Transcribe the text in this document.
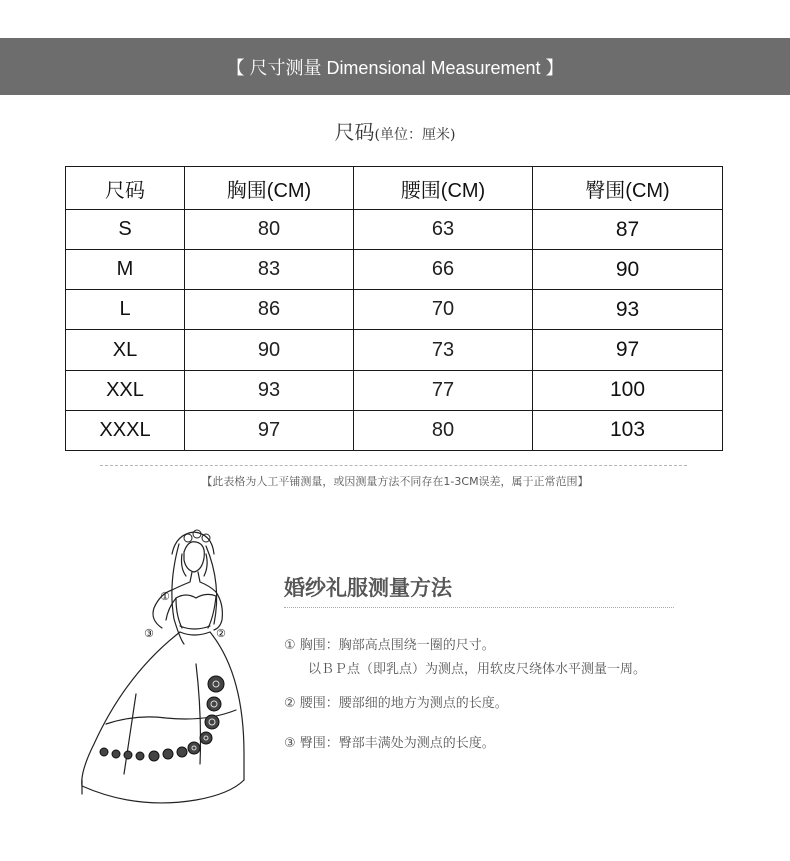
【 尺寸测量 Dimensional Measurement 】
尺码(单位：厘米)
尺码	胸围(CM)	腰围(CM)	臀围(CM)
S	80	63	87
M	83	66	90
L	86	70	93
XL	90	73	97
XXL	93	77	100
XXXL	97	80	103
【此表格为人工平铺测量，或因测量方法不同存在1-3CM误差，属于正常范围】
①
②
③
婚纱礼服测量方法
① 胸围：胸部高点围绕一圈的尺寸。
以ＢＰ点（即乳点）为测点，用软皮尺绕体水平测量一周。
② 腰围：腰部细的地方为测点的长度。
③ 臀围：臀部丰满处为测点的长度。
